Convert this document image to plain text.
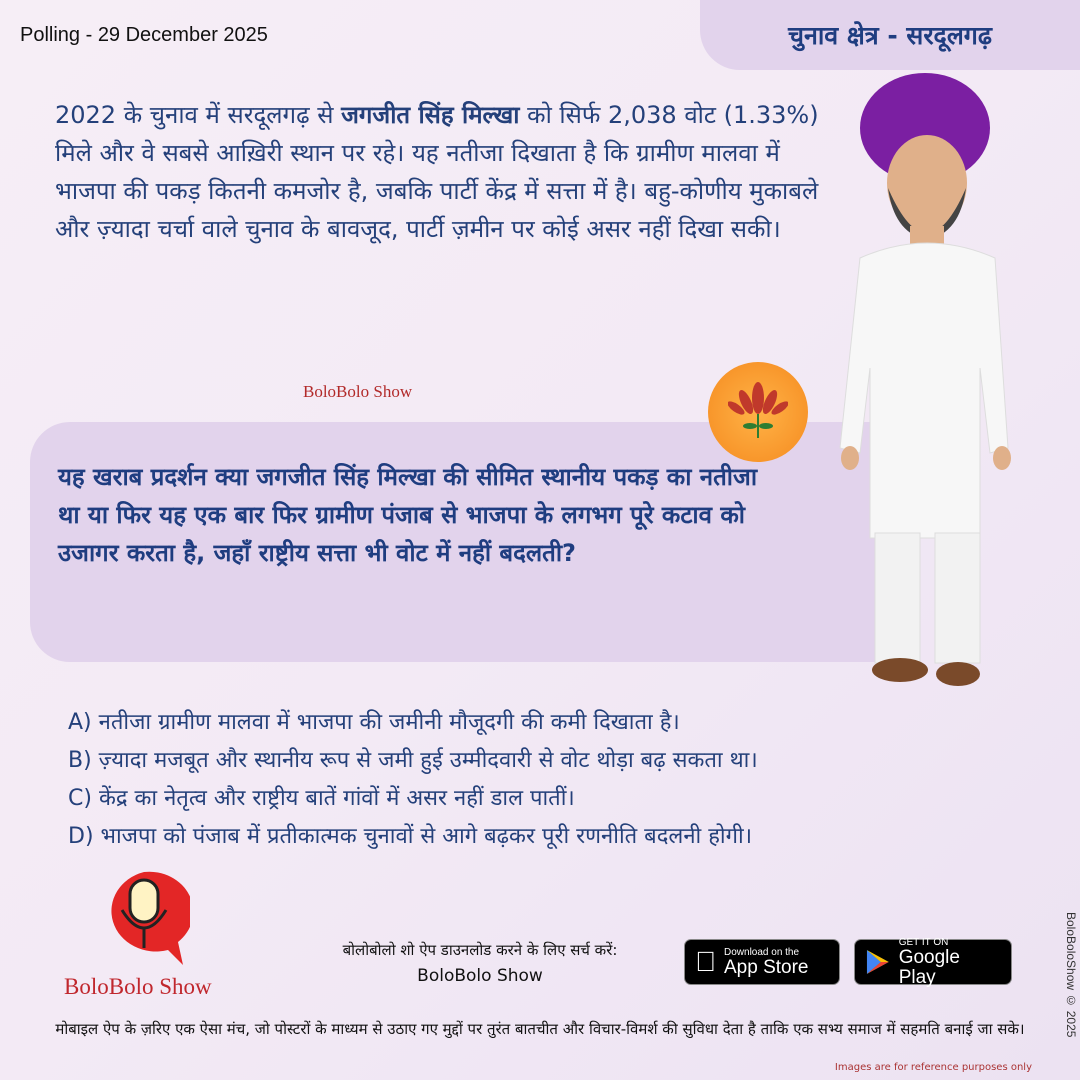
Polling - 29 December 2025	चुनाव क्षेत्र - सरदूलगढ़
2022 के चुनाव में सरदूलगढ़ से जगजीत सिंह मिल्खा को सिर्फ 2,038 वोट (1.33%) मिले और वे सबसे आख़िरी स्थान पर रहे। यह नतीजा दिखाता है कि ग्रामीण मालवा में भाजपा की पकड़ कितनी कमजोर है, जबकि पार्टी केंद्र में सत्ता में है। बहु-कोणीय मुकाबले और ज़्यादा चर्चा वाले चुनाव के बावजूद, पार्टी ज़मीन पर कोई असर नहीं दिखा सकी।
BoloBolo Show
यह खराब प्रदर्शन क्या जगजीत सिंह मिल्खा की सीमित स्थानीय पकड़ का नतीजा था या फिर यह एक बार फिर ग्रामीण पंजाब से भाजपा के लगभग पूरे कटाव को उजागर करता है, जहाँ राष्ट्रीय सत्ता भी वोट में नहीं बदलती?
A) नतीजा ग्रामीण मालवा में भाजपा की जमीनी मौजूदगी की कमी दिखाता है।
B) ज़्यादा मजबूत और स्थानीय रूप से जमी हुई उम्मीदवारी से वोट थोड़ा बढ़ सकता था।
C) केंद्र का नेतृत्व और राष्ट्रीय बातें गांवों में असर नहीं डाल पातीं।
D) भाजपा को पंजाब में प्रतीकात्मक चुनावों से आगे बढ़कर पूरी रणनीति बदलनी होगी।
BoloBolo Show
बोलोबोलो शो ऐप डाउनलोड करने के लिए सर्च करें:
BoloBolo Show
Download on the
App Store
GET IT ON
Google Play
मोबाइल ऐप के ज़रिए एक ऐसा मंच, जो पोस्टरों के माध्यम से उठाए गए मुद्दों पर तुरंत बातचीत और विचार-विमर्श की सुविधा देता है ताकि एक सभ्य समाज में सहमति बनाई जा सके।
Images are for reference purposes only
BoloBoloShow © 2025
